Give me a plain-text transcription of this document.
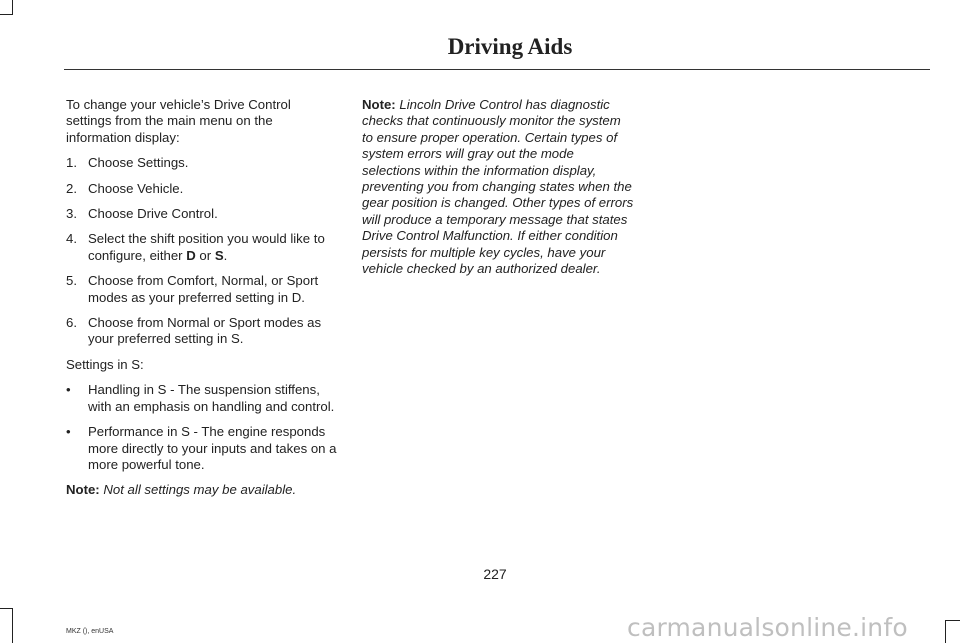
Driving Aids

To change your vehicle’s Drive Control settings from the main menu on the information display:

1. Choose Settings.
2. Choose Vehicle.
3. Choose Drive Control.
4. Select the shift position you would like to configure, either D or S.
5. Choose from Comfort, Normal, or Sport modes as your preferred setting in D.
6. Choose from Normal or Sport modes as your preferred setting in S.

Settings in S:

• Handling in S - The suspension stiffens, with an emphasis on handling and control.
• Performance in S - The engine responds more directly to your inputs and takes on a more powerful tone.

Note: Not all settings may be available.

Note: Lincoln Drive Control has diagnostic checks that continuously monitor the system to ensure proper operation. Certain types of system errors will gray out the mode selections within the information display, preventing you from changing states when the gear position is changed. Other types of errors will produce a temporary message that states Drive Control Malfunction. If either condition persists for multiple key cycles, have your vehicle checked by an authorized dealer.

227
MKZ (), enUSA	carmanualsonline.info
